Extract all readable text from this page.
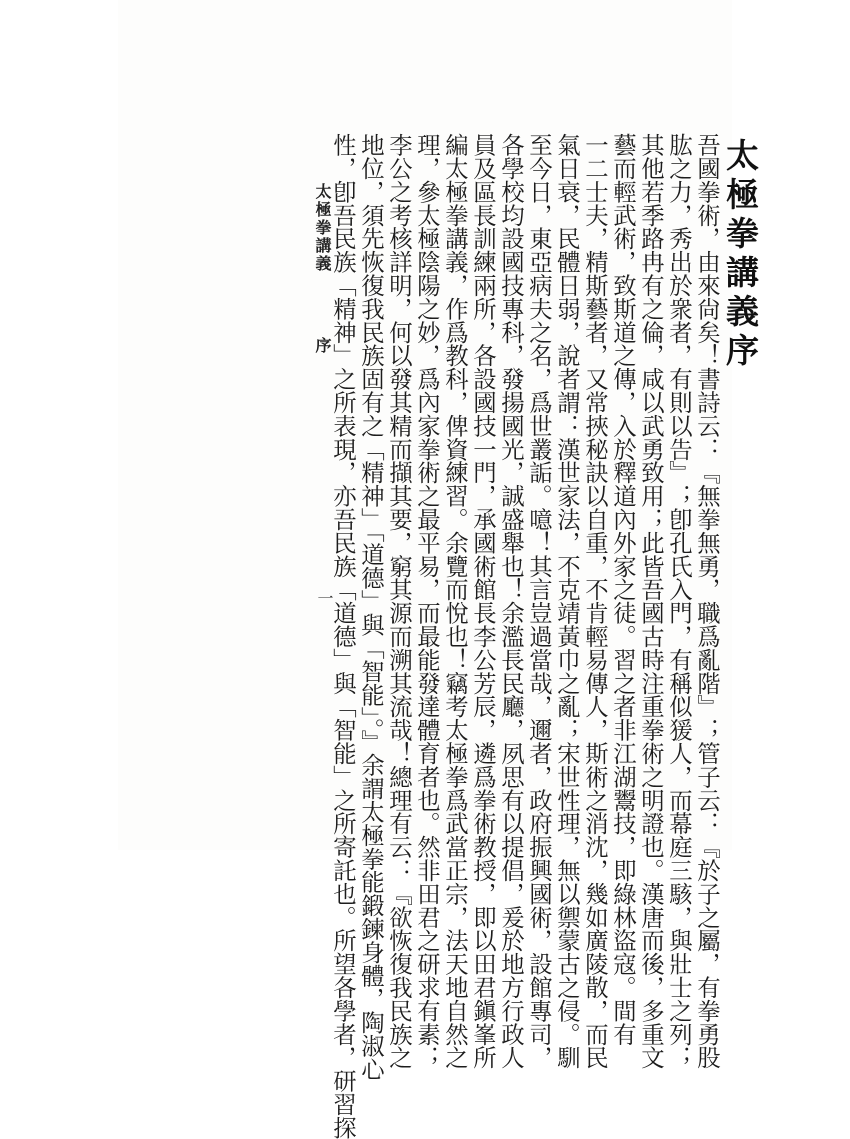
太極拳講義序
吾國拳術，由來尙矣！書詩云：『無拳無勇，職爲亂階』；管子云：『於子之屬，有拳勇股
肱之力，秀出於衆者，有則以告』；卽孔氏入門，有稱似猨人，而幕庭三駭，與壯士之列；
其他若季路冉有之倫，咸以武勇致用；此皆吾國古時注重拳術之明證也。漢唐而後，多重文
藝而輕武術，致斯道之傳，入於釋道內外家之徒。習之者非江湖鬻技，即綠林盜寇。間有
一二士夫，精斯藝者，又常挾秘訣以自重，不肯輕易傳人，斯術之消沈，幾如廣陵散，而民
氣日衰，民體日弱，說者謂：漢世家法，不克靖黃巾之亂；宋世性理，無以禦蒙古之侵。馴
至今日，東亞病夫之名，爲世叢詬。噫！其言豈過當哉，邇者，政府振興國術，設館專司，
各學校均設國技專科，發揚國光，誠盛舉也！余濫長民廳，夙思有以提倡，爰於地方行政人
員及區長訓練兩所，各設國技一門，承國術館長李公芳辰，遴爲拳術教授，即以田君鎭峯所
編太極拳講義，作爲教科，俾資練習。余覽而悅也！竊考太極拳爲武當正宗，法天地自然之
理，參太極陰陽之妙，爲內家拳術之最平易，而最能發達體育者也。然非田君之研求有素；
李公之考核詳明，何以發其精而擷其要，窮其源而溯其流哉！總理有云：『欲恢復我民族之
地位，須先恢復我民族固有之「精神」「道德」與「智能」。』余謂太極拳能鍛鍊身體，陶淑心
性，卽吾民族「精神」之所表現，亦吾民族「道德」與「智能」之所寄託也。所望各學者，研習探
太極拳講義序
一
